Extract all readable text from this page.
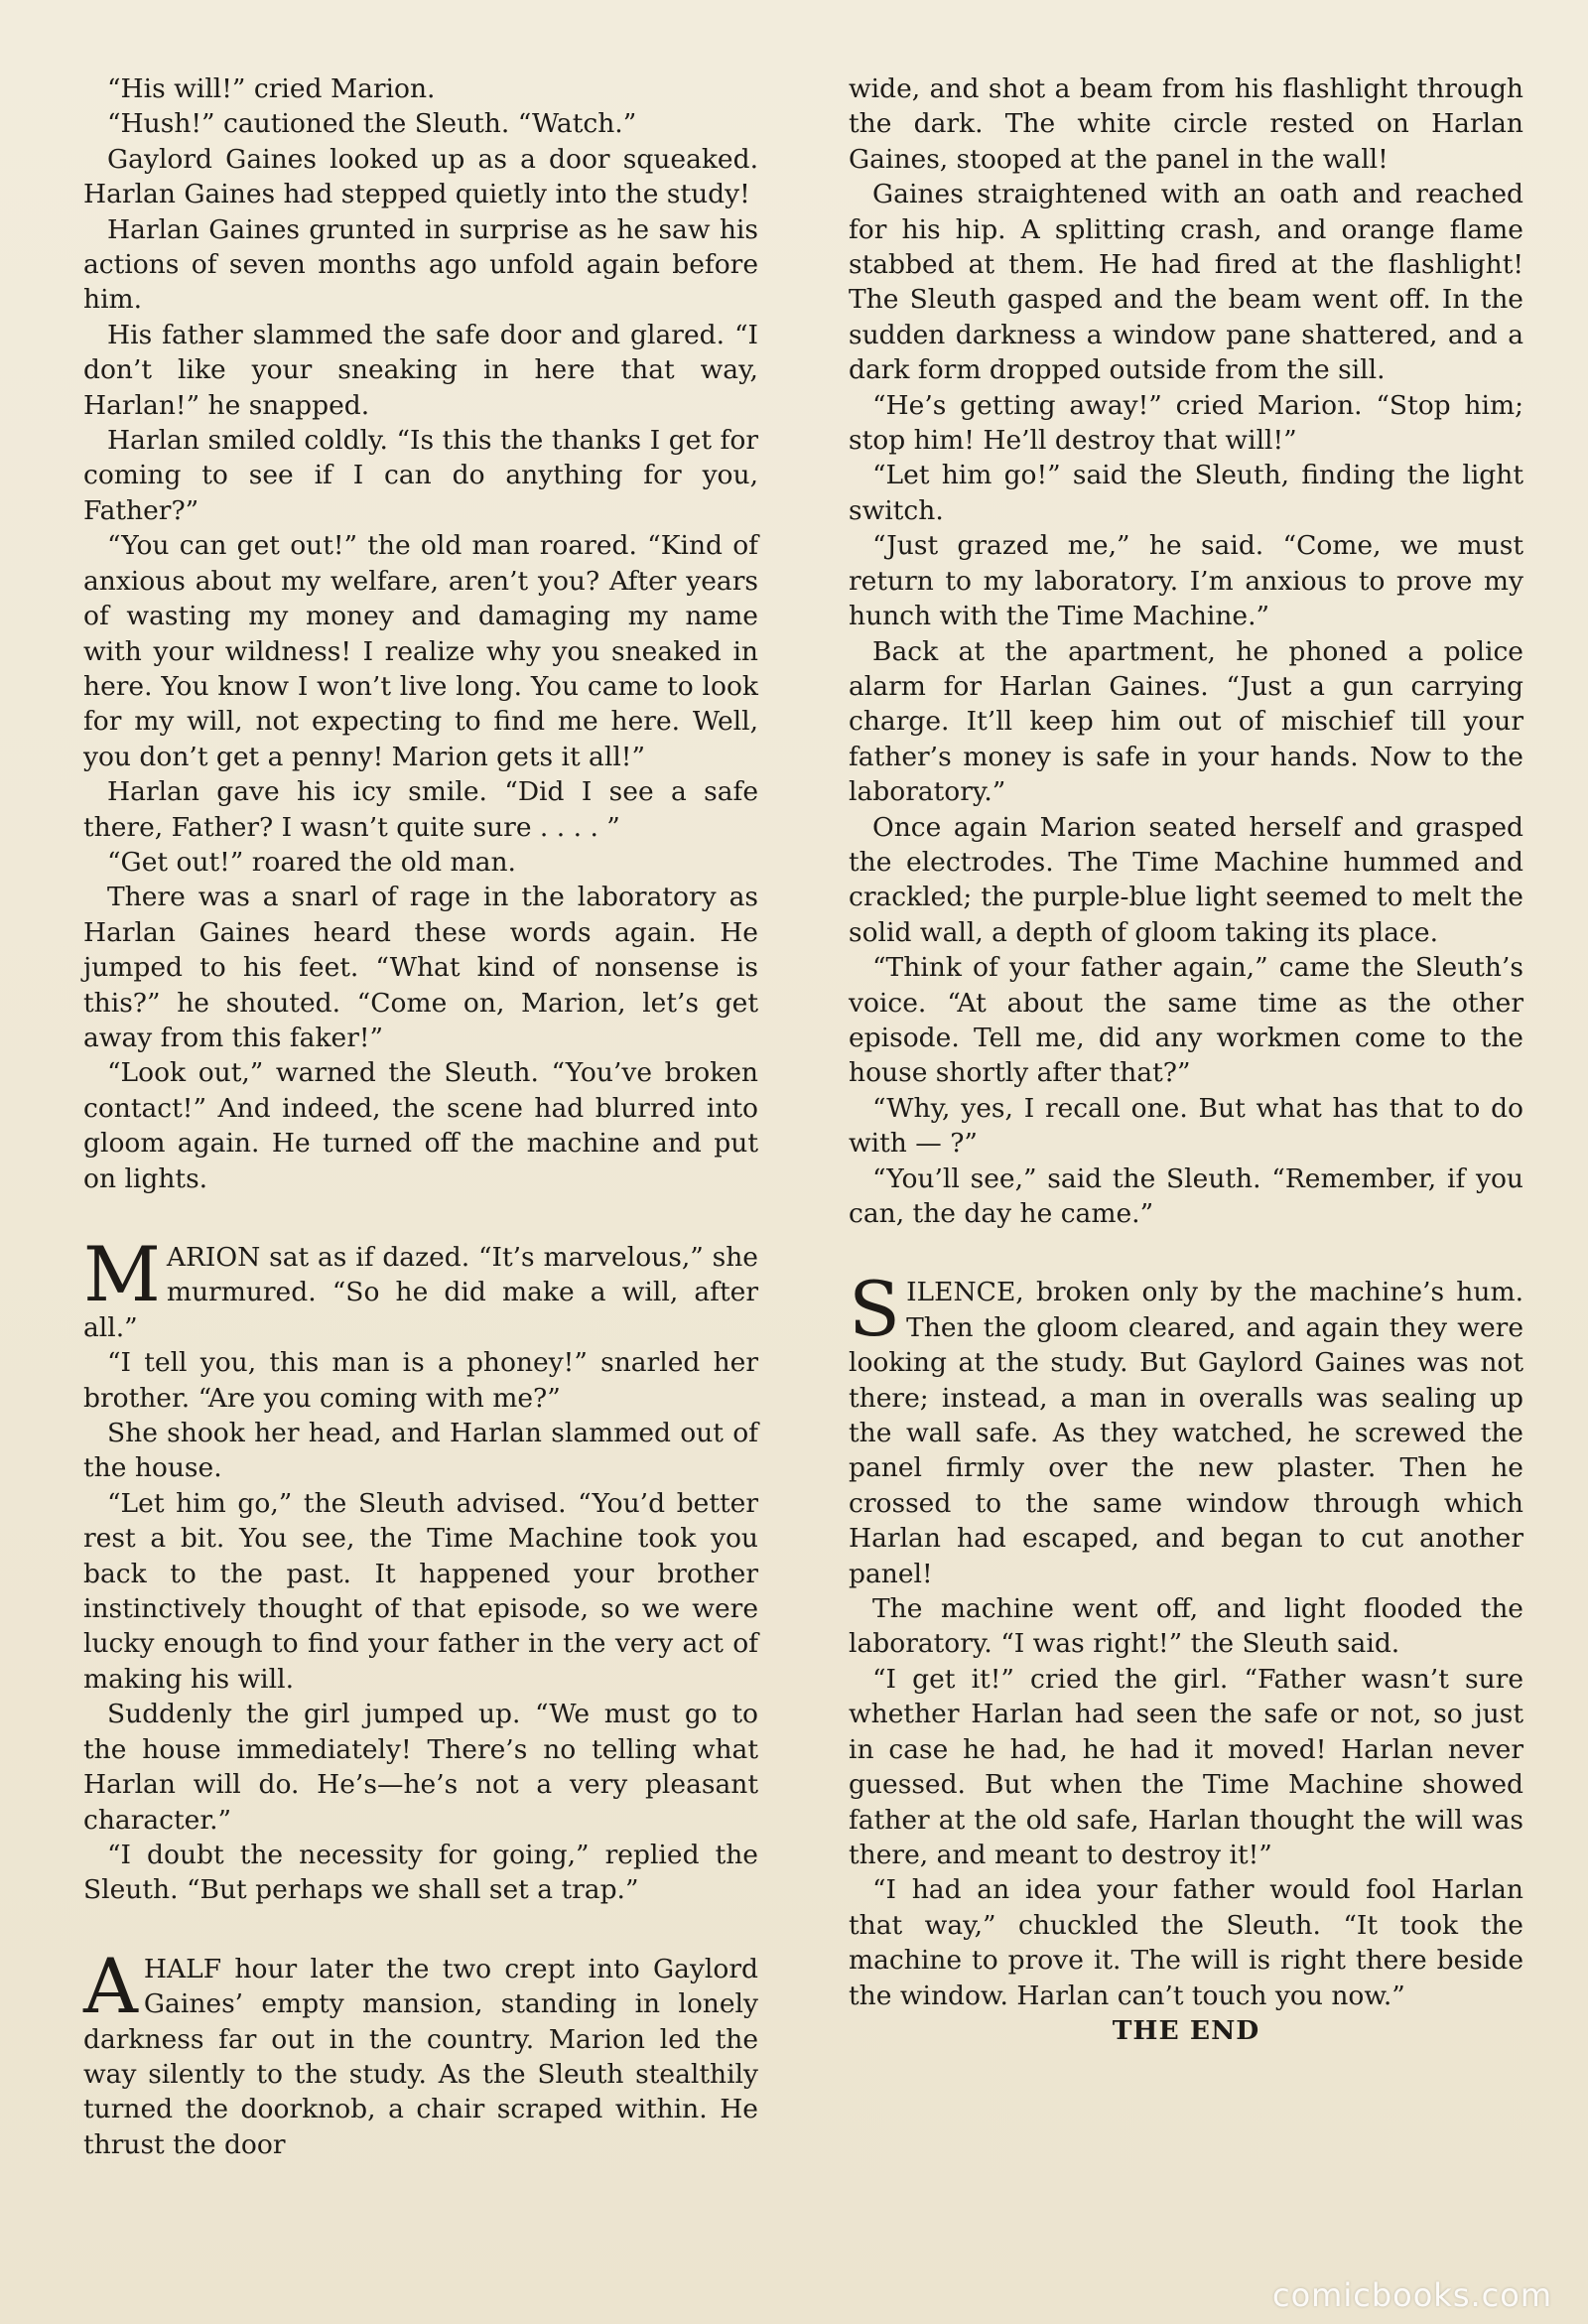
“His will!” cried Marion.

“Hush!” cautioned the Sleuth. “Watch.”

Gaylord Gaines looked up as a door squeaked. Harlan Gaines had stepped quietly into the study!

Harlan Gaines grunted in surprise as he saw his actions of seven months ago unfold again before him.

His father slammed the safe door and glared. “I don’t like your sneaking in here that way, Harlan!” he snapped.

Harlan smiled coldly. “Is this the thanks I get for coming to see if I can do anything for you, Father?”

“You can get out!” the old man roared. “Kind of anxious about my welfare, aren’t you? After years of wasting my money and damaging my name with your wildness! I realize why you sneaked in here. You know I won’t live long. You came to look for my will, not expecting to find me here. Well, you don’t get a penny! Marion gets it all!”

Harlan gave his icy smile. “Did I see a safe there, Father? I wasn’t quite sure . . . . ”

“Get out!” roared the old man.

There was a snarl of rage in the laboratory as Harlan Gaines heard these words again. He jumped to his feet. “What kind of nonsense is this?” he shouted. “Come on, Marion, let’s get away from this faker!”

“Look out,” warned the Sleuth. “You’ve broken contact!” And indeed, the scene had blurred into gloom again. He turned off the machine and put on lights.

MARION sat as if dazed. “It’s marvelous,” she murmured. “So he did make a will, after all.”

“I tell you, this man is a phoney!” snarled her brother. “Are you coming with me?”

She shook her head, and Harlan slammed out of the house.

“Let him go,” the Sleuth advised. “You’d better rest a bit. You see, the Time Machine took you back to the past. It happened your brother instinctively thought of that episode, so we were lucky enough to find your father in the very act of making his will.

Suddenly the girl jumped up. “We must go to the house immediately! There’s no telling what Harlan will do. He’s—he’s not a very pleasant character.”

“I doubt the necessity for going,” replied the Sleuth. “But perhaps we shall set a trap.”

AHALF hour later the two crept into Gaylord Gaines’ empty mansion, standing in lonely darkness far out in the country. Marion led the way silently to the study. As the Sleuth stealthily turned the doorknob, a chair scraped within. He thrust the door

wide, and shot a beam from his flashlight through the dark. The white circle rested on Harlan Gaines, stooped at the panel in the wall!

Gaines straightened with an oath and reached for his hip. A splitting crash, and orange flame stabbed at them. He had fired at the flashlight! The Sleuth gasped and the beam went off. In the sudden darkness a window pane shattered, and a dark form dropped outside from the sill.

“He’s getting away!” cried Marion. “Stop him; stop him! He’ll destroy that will!”

“Let him go!” said the Sleuth, finding the light switch.

“Just grazed me,” he said. “Come, we must return to my laboratory. I’m anxious to prove my hunch with the Time Machine.”

Back at the apartment, he phoned a police alarm for Harlan Gaines. “Just a gun carrying charge. It’ll keep him out of mischief till your father’s money is safe in your hands. Now to the laboratory.”

Once again Marion seated herself and grasped the electrodes. The Time Machine hummed and crackled; the purple-blue light seemed to melt the solid wall, a depth of gloom taking its place.

“Think of your father again,” came the Sleuth’s voice. “At about the same time as the other episode. Tell me, did any workmen come to the house shortly after that?”

“Why, yes, I recall one. But what has that to do with — ?”

“You’ll see,” said the Sleuth. “Remember, if you can, the day he came.”

SILENCE, broken only by the machine’s hum. Then the gloom cleared, and again they were looking at the study. But Gaylord Gaines was not there; instead, a man in overalls was sealing up the wall safe. As they watched, he screwed the panel firmly over the new plaster. Then he crossed to the same window through which Harlan had escaped, and began to cut another panel!

The machine went off, and light flooded the laboratory. “I was right!” the Sleuth said.

“I get it!” cried the girl. “Father wasn’t sure whether Harlan had seen the safe or not, so just in case he had, he had it moved! Harlan never guessed. But when the Time Machine showed father at the old safe, Harlan thought the will was there, and meant to destroy it!”

“I had an idea your father would fool Harlan that way,” chuckled the Sleuth. “It took the machine to prove it. The will is right there beside the window. Harlan can’t touch you now.”

THE END

comicbooks.com
